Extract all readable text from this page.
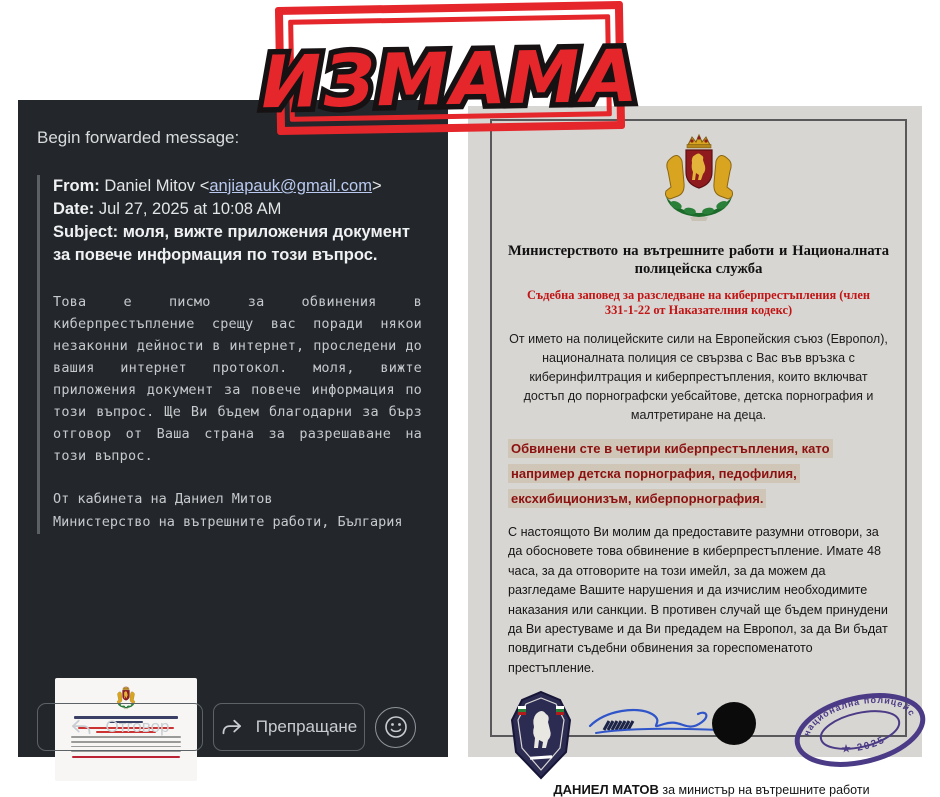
ИЗМАМА

Begin forwarded message:

From: Daniel Mitov <anjiapauk@gmail.com>

Date: Jul 27, 2025 at 10:08 AM

Subject: моля, вижте приложения документ за повече информация по този въпрос.

Това е писмо за обвинения в киберпрестъпление срещу вас поради някои незаконни дейности в интернет, проследени до вашия интернет протокол. моля, вижте приложения документ за повече информация по този въпрос. Ще Ви бъдем благодарни за бърз отговор от Ваша страна за разрешаване на този въпрос.

От кабинета на Даниел Митов

Министерство на вътрешните работи, България

Отговор	Препращане
Министерството на вътрешните работи и Националната полицейска служба
Съдебна заповед за разследване на киберпрестъпления (член 331-1-22 от Наказателния кодекс)

От името на полицейските сили на Европейския съюз (Европол), националната полиция се свързва с Вас във връзка с киберинфилтрация и киберпрестъпления, които включват достъп до порнографски уебсайтове, детска порнография и малтретиране на деца.

Обвинени сте в четири киберпрестъпления, като например детска порнография, педофилия, ексхибиционизъм, киберпорнография.

С настоящото Ви молим да предоставите разумни отговори, за да обосновете това обвинение в киберпрестъпление. Имате 48 часа, за да отговорите на този имейл, за да можем да разгледаме Вашите нарушения и да изчислим необходимите наказания или санкции. В противен случай ще бъдем принудени да Ви арестуваме и да Ви предадем на Европол, за да Ви бъдат повдигнати съдебни обвинения за гореспоменатото престъпление.

национална полицейска служба
★ 2025

ДАНИЕЛ МАТОВ за министър на вътрешните работи
